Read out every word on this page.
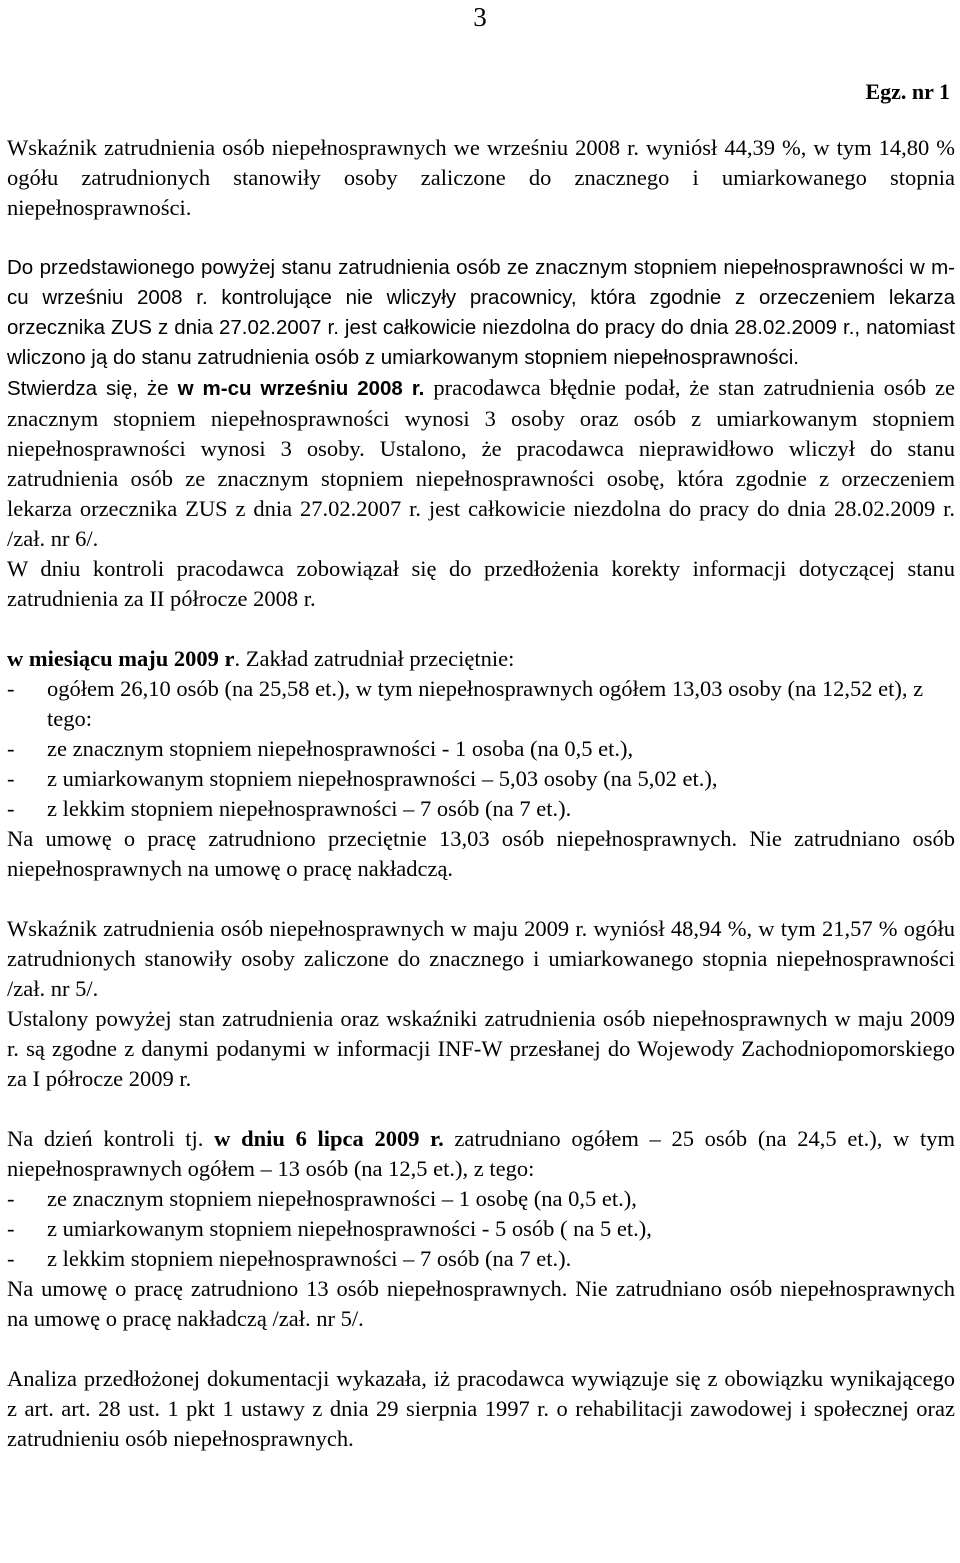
3
Egz. nr 1

Wskaźnik zatrudnienia osób niepełnosprawnych we wrześniu 2008 r. wyniósł 44,39 %, w tym 14,80 % ogółu zatrudnionych stanowiły osoby zaliczone do znacznego i umiarkowanego stopnia niepełnosprawności.

Do przedstawionego powyżej stanu zatrudnienia osób ze znacznym stopniem niepełnosprawności w m-cu wrześniu 2008 r. kontrolujące nie wliczyły pracownicy, która zgodnie z orzeczeniem lekarza orzecznika ZUS z dnia 27.02.2007 r. jest całkowicie niezdolna do pracy do dnia 28.02.2009 r., natomiast wliczono ją do stanu zatrudnienia osób z umiarkowanym stopniem niepełnosprawności.

Stwierdza się, że w m-cu wrześniu 2008 r. pracodawca błędnie podał, że stan zatrudnienia osób ze znacznym stopniem niepełnosprawności wynosi 3 osoby oraz osób z umiarkowanym stopniem niepełnosprawności wynosi 3 osoby. Ustalono, że pracodawca nieprawidłowo wliczył do stanu zatrudnienia osób ze znacznym stopniem niepełnosprawności osobę, która zgodnie z orzeczeniem lekarza orzecznika ZUS z dnia 27.02.2007 r. jest całkowicie niezdolna do pracy do dnia 28.02.2009 r. /zał. nr 6/.

W dniu kontroli pracodawca zobowiązał się do przedłożenia korekty informacji dotyczącej stanu zatrudnienia za II półrocze 2008 r.

w miesiącu maju 2009 r. Zakład zatrudniał przeciętnie:

- ogółem 26,10 osób (na 25,58 et.), w tym niepełnosprawnych ogółem 13,03 osoby (na 12,52 et), z tego:
- ze znacznym stopniem niepełnosprawności - 1 osoba (na 0,5 et.),
- z umiarkowanym stopniem niepełnosprawności – 5,03 osoby (na 5,02 et.),
- z lekkim stopniem niepełnosprawności – 7 osób (na 7 et.).

Na umowę o pracę zatrudniono przeciętnie 13,03 osób niepełnosprawnych. Nie zatrudniano osób niepełnosprawnych na umowę o pracę nakładczą.

Wskaźnik zatrudnienia osób niepełnosprawnych w maju 2009 r. wyniósł 48,94 %, w tym 21,57 % ogółu zatrudnionych stanowiły osoby zaliczone do znacznego i umiarkowanego stopnia niepełnosprawności /zał. nr 5/.

Ustalony powyżej stan zatrudnienia oraz wskaźniki zatrudnienia osób niepełnosprawnych w maju 2009 r. są zgodne z danymi podanymi w informacji INF-W przesłanej do Wojewody Zachodniopomorskiego za I półrocze 2009 r.

Na dzień kontroli tj. w dniu 6 lipca 2009 r. zatrudniano ogółem – 25 osób (na 24,5 et.), w tym niepełnosprawnych ogółem – 13 osób (na 12,5 et.), z tego:

- ze znacznym stopniem niepełnosprawności – 1 osobę (na 0,5 et.),
- z umiarkowanym stopniem niepełnosprawności - 5 osób ( na 5 et.),
- z lekkim stopniem niepełnosprawności – 7 osób (na 7 et.).

Na umowę o pracę zatrudniono 13 osób niepełnosprawnych. Nie zatrudniano osób niepełnosprawnych na umowę o pracę nakładczą /zał. nr 5/.

Analiza przedłożonej dokumentacji wykazała, iż pracodawca wywiązuje się z obowiązku wynikającego z art. art. 28 ust. 1 pkt 1 ustawy z dnia 29 sierpnia 1997 r. o rehabilitacji zawodowej i społecznej oraz zatrudnieniu osób niepełnosprawnych.
